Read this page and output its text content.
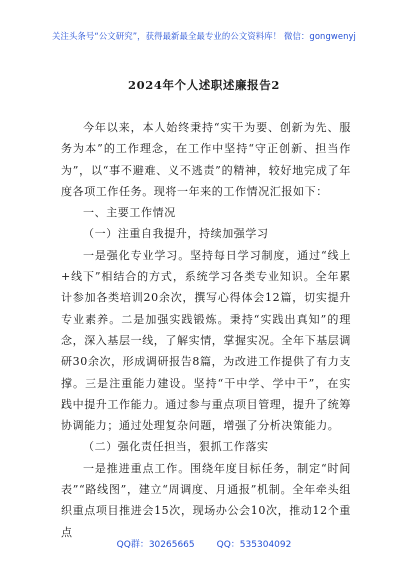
关注头条号“公文研究”，获得最新最全最专业的公文资料库！ 微信：gongwenyj
2024年个人述职述廉报告2

今年以来，本人始终秉持“实干为要、创新为先、服务为本”的工作理念，在工作中坚持“守正创新、担当作为”，以“事不避难、义不逃责”的精神，较好地完成了年度各项工作任务。现将一年来的工作情况汇报如下：

一、主要工作情况

（一）注重自我提升，持续加强学习

一是强化专业学习。坚持每日学习制度，通过“线上+线下”相结合的方式，系统学习各类专业知识。全年累计参加各类培训20余次，撰写心得体会12篇，切实提升专业素养。二是加强实践锻炼。秉持“实践出真知”的理念，深入基层一线，了解实情，掌握实况。全年下基层调研30余次，形成调研报告8篇，为改进工作提供了有力支撑。三是注重能力建设。坚持“干中学、学中干”，在实践中提升工作能力。通过参与重点项目管理，提升了统筹协调能力；通过处理复杂问题，增强了分析决策能力。

（二）强化责任担当，狠抓工作落实

一是推进重点工作。围绕年度目标任务，制定“时间表”“路线图”，建立“周调度、月通报”机制。全年牵头组织重点项目推进会15次，现场办公会10次，推动12个重点

QQ群：30265665 QQ：535304092
